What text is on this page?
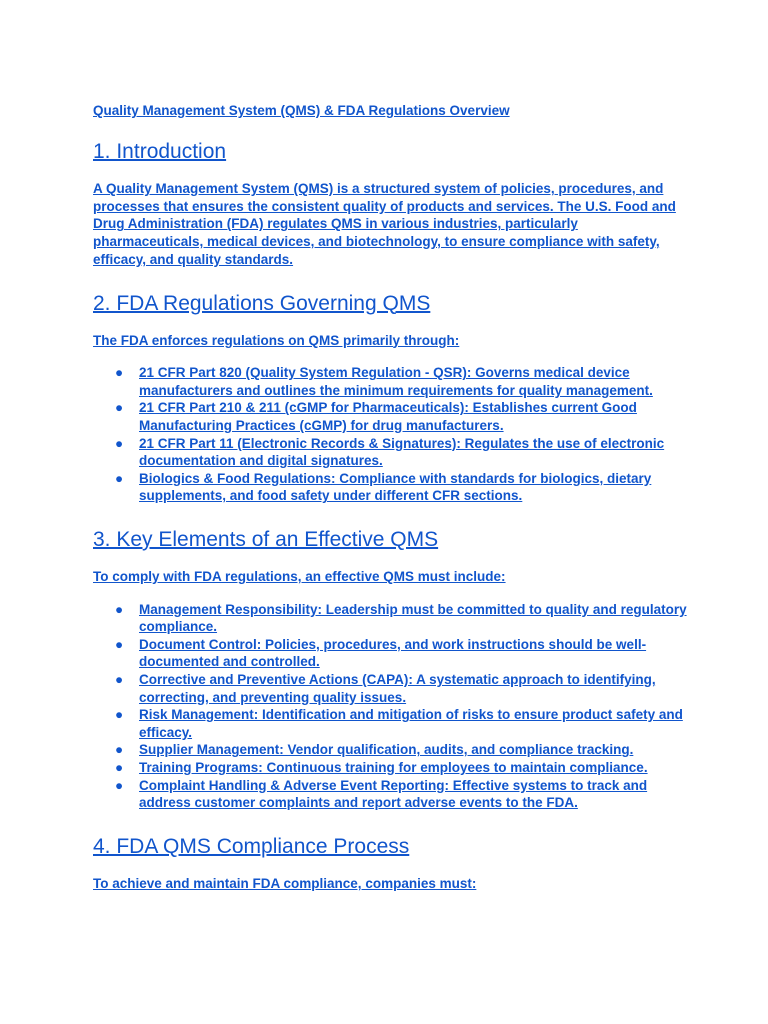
Quality Management System (QMS) & FDA Regulations Overview
1. Introduction

A Quality Management System (QMS) is a structured system of policies, procedures, and processes that ensures the consistent quality of products and services. The U.S. Food and Drug Administration (FDA) regulates QMS in various industries, particularly pharmaceuticals, medical devices, and biotechnology, to ensure compliance with safety, efficacy, and quality standards.

2. FDA Regulations Governing QMS

The FDA enforces regulations on QMS primarily through:

● 21 CFR Part 820 (Quality System Regulation - QSR): Governs medical device manufacturers and outlines the minimum requirements for quality management.
● 21 CFR Part 210 & 211 (cGMP for Pharmaceuticals): Establishes current Good Manufacturing Practices (cGMP) for drug manufacturers.
● 21 CFR Part 11 (Electronic Records & Signatures): Regulates the use of electronic documentation and digital signatures.
● Biologics & Food Regulations: Compliance with standards for biologics, dietary supplements, and food safety under different CFR sections.
3. Key Elements of an Effective QMS

To comply with FDA regulations, an effective QMS must include:

● Management Responsibility: Leadership must be committed to quality and regulatory compliance.
● Document Control: Policies, procedures, and work instructions should be well-documented and controlled.
● Corrective and Preventive Actions (CAPA): A systematic approach to identifying, correcting, and preventing quality issues.
● Risk Management: Identification and mitigation of risks to ensure product safety and efficacy.
● Supplier Management: Vendor qualification, audits, and compliance tracking.
● Training Programs: Continuous training for employees to maintain compliance.
● Complaint Handling & Adverse Event Reporting: Effective systems to track and address customer complaints and report adverse events to the FDA.
4. FDA QMS Compliance Process

To achieve and maintain FDA compliance, companies must:
